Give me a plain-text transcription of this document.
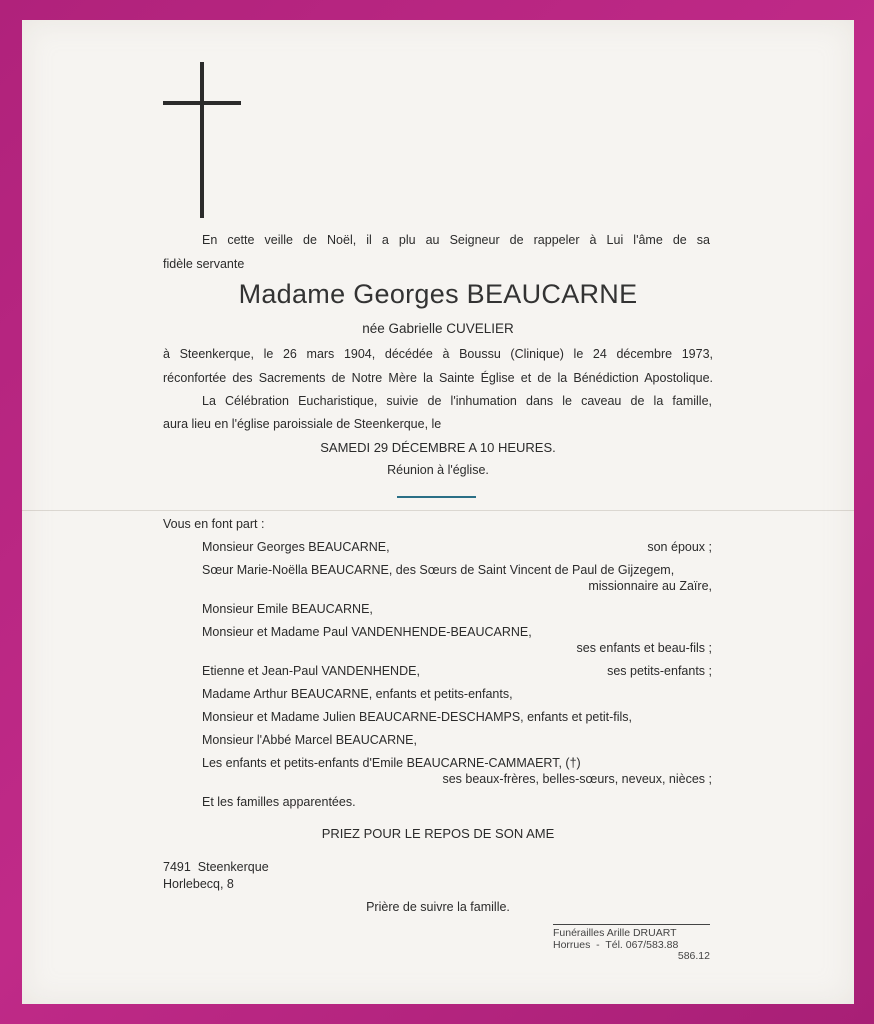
En cette veille de Noël, il a plu au Seigneur de rappeler à Lui l'âme de sa
fidèle servante
Madame Georges BEAUCARNE
née Gabrielle CUVELIER
à Steenkerque, le 26 mars 1904, décédée à Boussu (Clinique) le 24 décembre 1973,
réconfortée des Sacrements de Notre Mère la Sainte Église et de la Bénédiction Apostolique.
La Célébration Eucharistique, suivie de l'inhumation dans le caveau de la famille,
aura lieu en l'église paroissiale de Steenkerque, le
SAMEDI 29 DÉCEMBRE A 10 HEURES.
Réunion à l'église.
Vous en font part :
Monsieur Georges BEAUCARNE,	son époux ;
Sœur Marie-Noëlla BEAUCARNE, des Sœurs de Saint Vincent de Paul de Gijzegem,
missionnaire au Zaïre,
Monsieur Emile BEAUCARNE,
Monsieur et Madame Paul VANDENHENDE-BEAUCARNE,
ses enfants et beau-fils ;
Etienne et Jean-Paul VANDENHENDE,	ses petits-enfants ;
Madame Arthur BEAUCARNE, enfants et petits-enfants,
Monsieur et Madame Julien BEAUCARNE-DESCHAMPS, enfants et petit-fils,
Monsieur l'Abbé Marcel BEAUCARNE,
Les enfants et petits-enfants d'Emile BEAUCARNE-CAMMAERT, (†)
ses beaux-frères, belles-sœurs, neveux, nièces ;
Et les familles apparentées.
PRIEZ POUR LE REPOS DE SON AME
7491  Steenkerque
Horlebecq, 8
Prière de suivre la famille.
Funérailles Arille DRUART
Horrues  -  Tél. 067/583.88
586.12
